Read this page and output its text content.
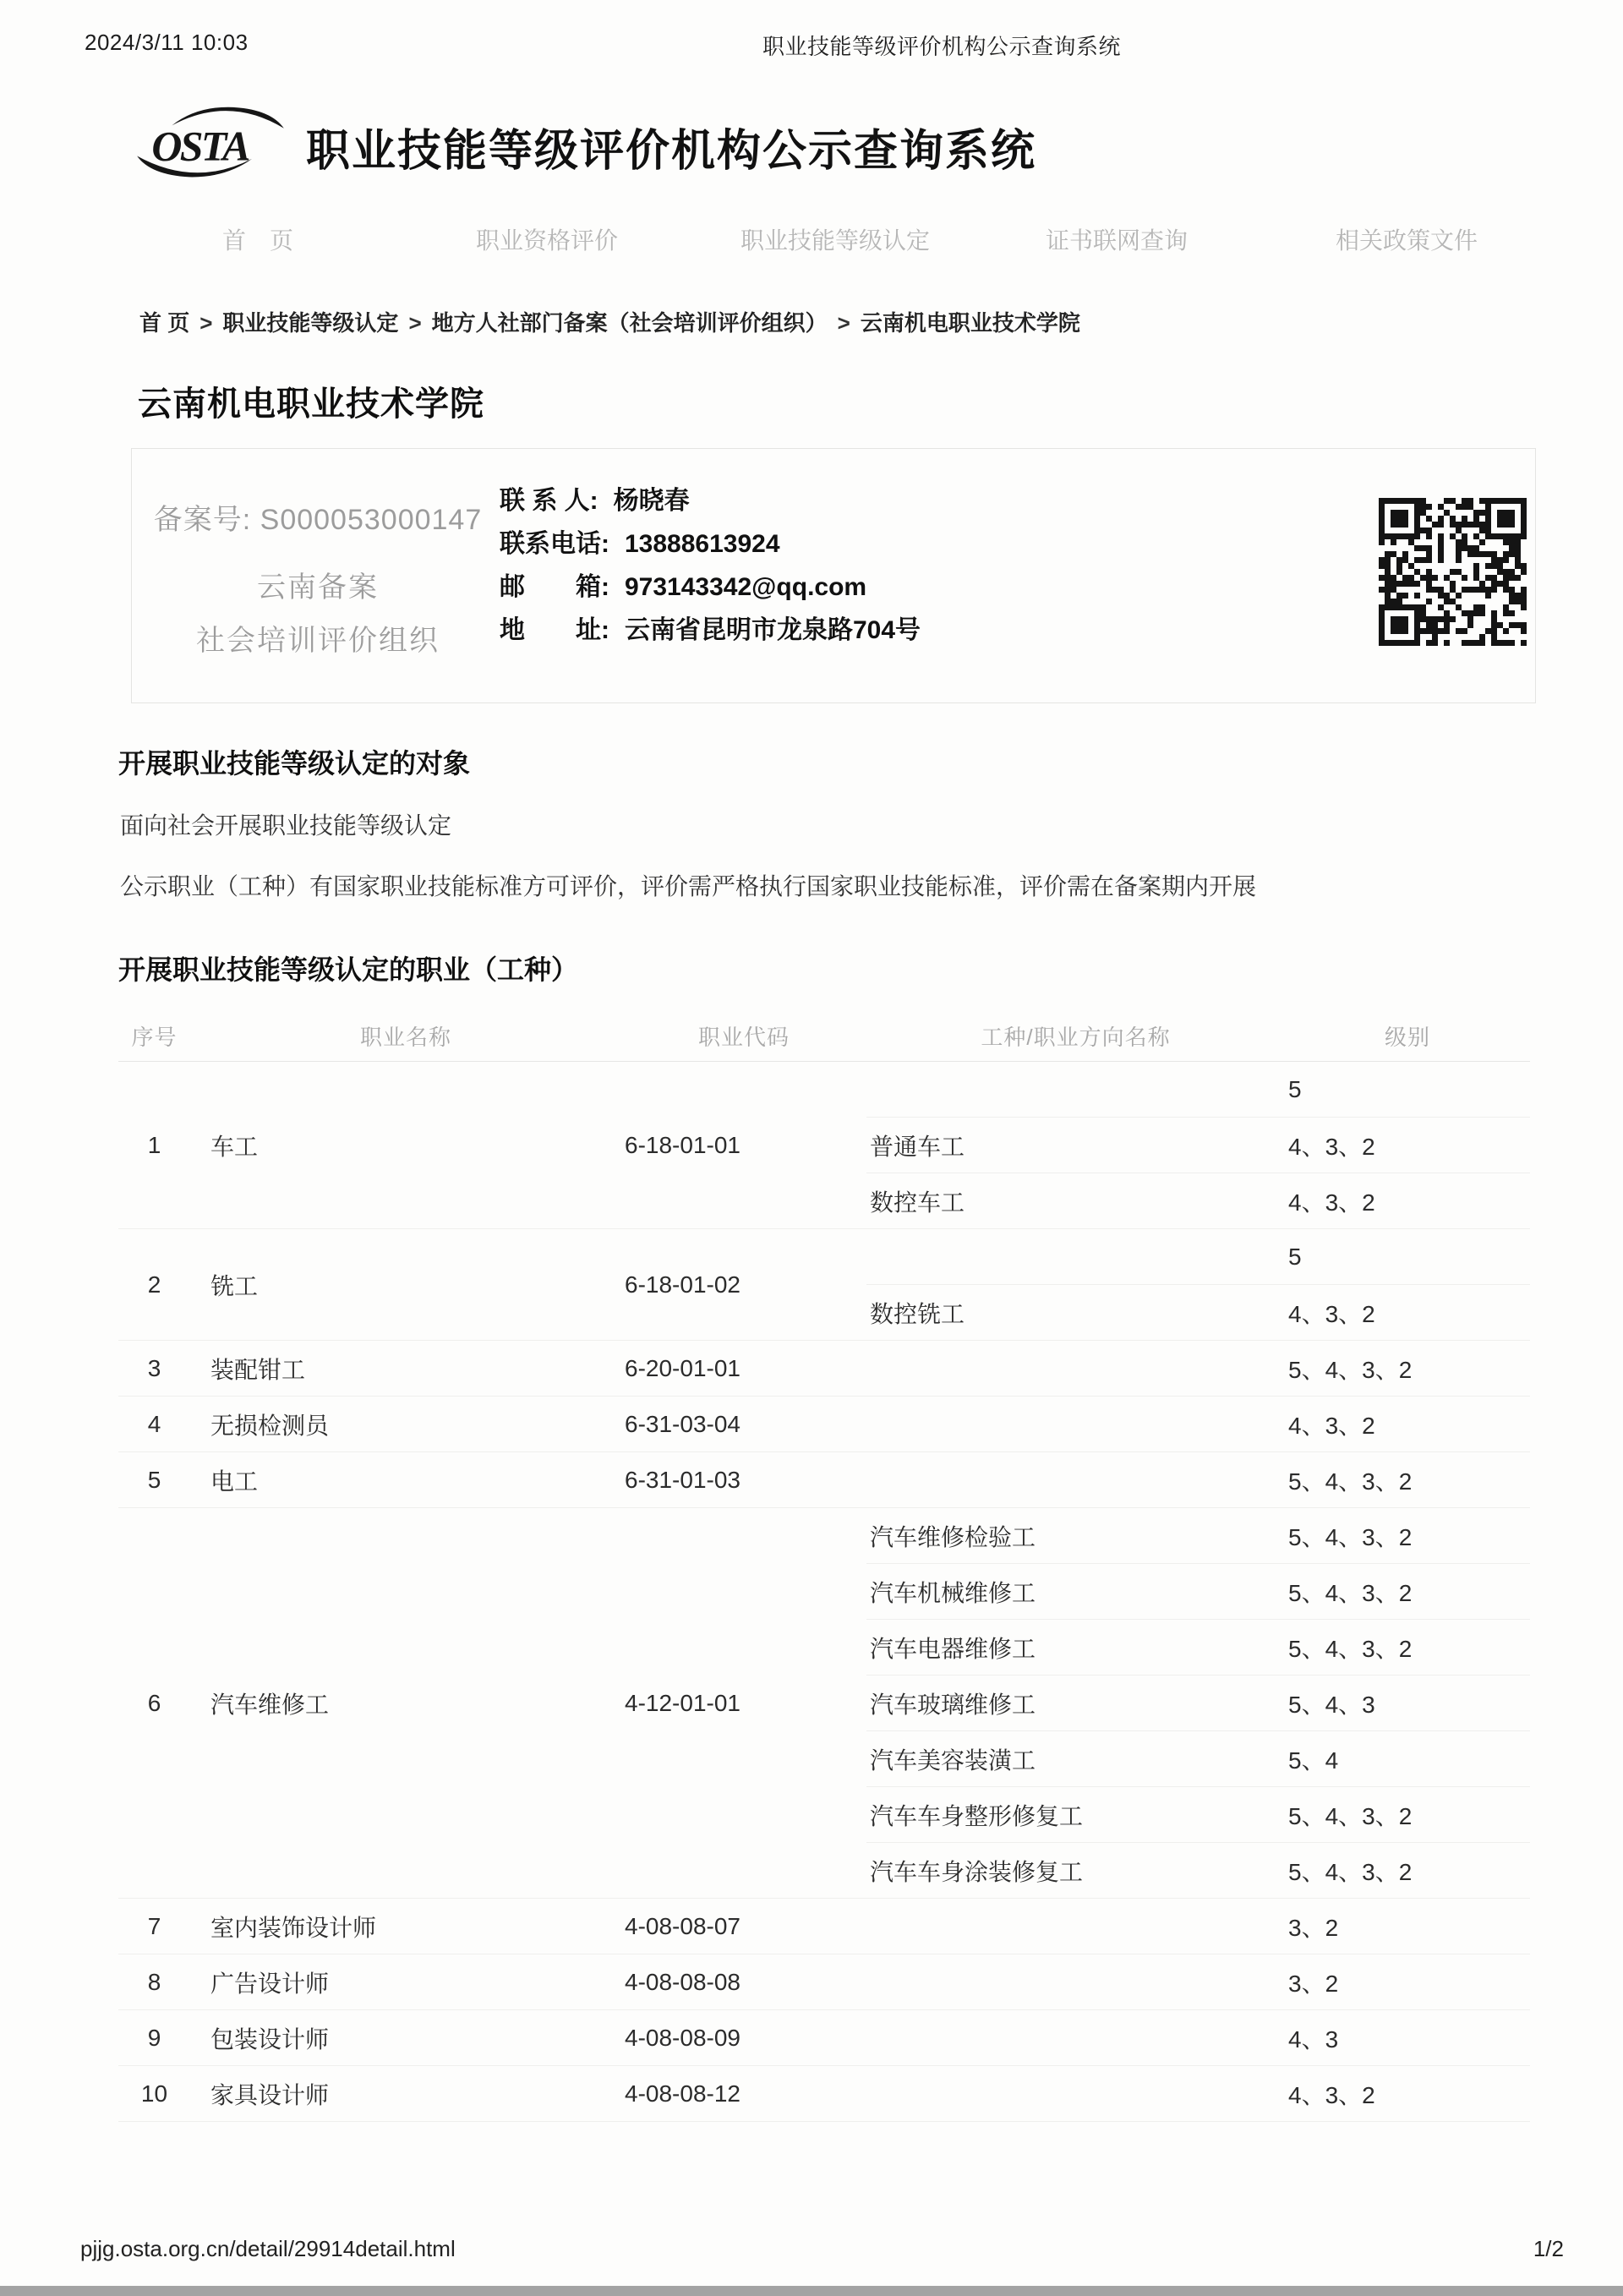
2024/3/11 10:03	职业技能等级评价机构公示查询系统
OSTA 职业技能等级评价机构公示查询系统
首　页	职业资格评价	职业技能等级认定	证书联网查询	相关政策文件
首 页 > 职业技能等级认定 > 地方人社部门备案（社会培训评价组织） > 云南机电职业技术学院
云南机电职业技术学院
备案号: S000053000147
云南备案
社会培训评价组织
联 系 人: 杨晓春
联系电话: 13888613924
邮　　箱: 973143342@qq.com
地　　址: 云南省昆明市龙泉路704号
开展职业技能等级认定的对象
面向社会开展职业技能等级认定
公示职业（工种）有国家职业技能标准方可评价，评价需严格执行国家职业技能标准，评价需在备案期内开展
开展职业技能等级认定的职业（工种）
序号	职业名称	职业代码	工种/职业方向名称	级别
1	车工	6-18-01-01		5
			普通车工	4、3、2
			数控车工	4、3、2
2	铣工	6-18-01-02		5
			数控铣工	4、3、2
3	装配钳工	6-20-01-01		5、4、3、2
4	无损检测员	6-31-03-04		4、3、2
5	电工	6-31-01-03		5、4、3、2
6	汽车维修工	4-12-01-01	汽车维修检验工	5、4、3、2
			汽车机械维修工	5、4、3、2
			汽车电器维修工	5、4、3、2
			汽车玻璃维修工	5、4、3
			汽车美容装潢工	5、4
			汽车车身整形修复工	5、4、3、2
			汽车车身涂装修复工	5、4、3、2
7	室内装饰设计师	4-08-08-07		3、2
8	广告设计师	4-08-08-08		3、2
9	包装设计师	4-08-08-09		4、3
10	家具设计师	4-08-08-12		4、3、2
pjjg.osta.org.cn/detail/29914detail.html	1/2
